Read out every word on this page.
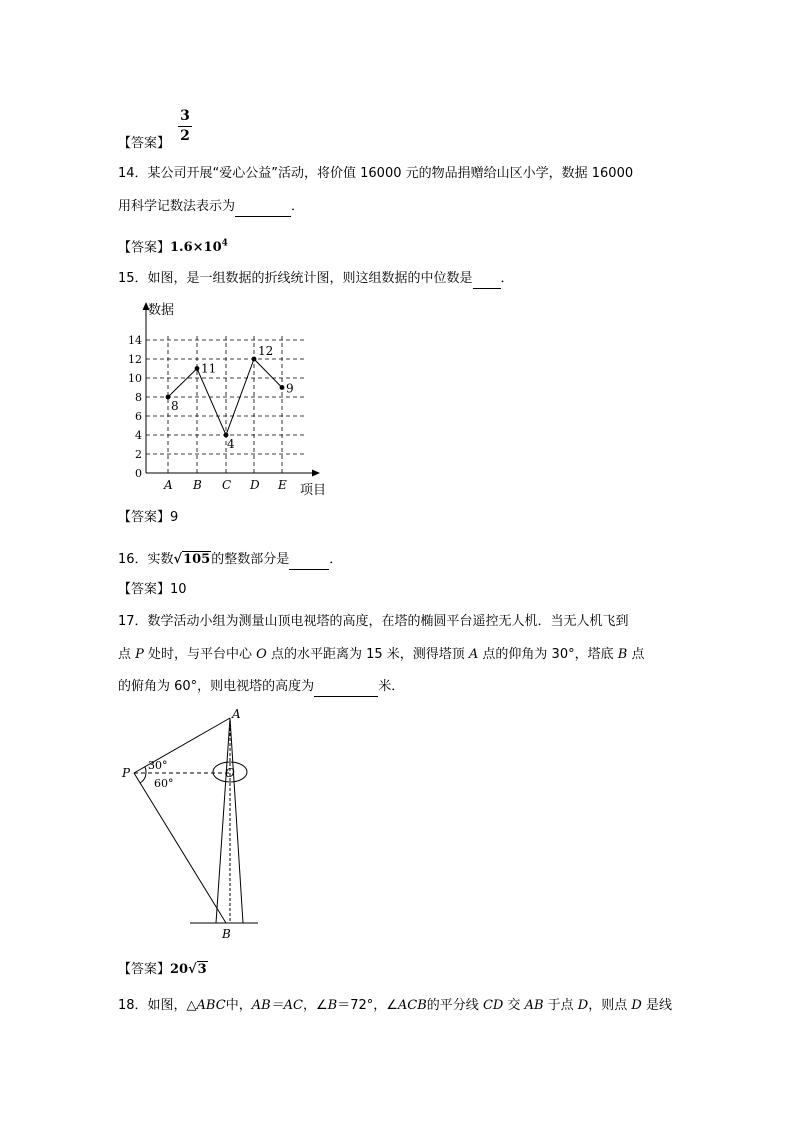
【答案】
3
2
14．某公司开展“爱心公益”活动，将价值 16000 元的物品捐赠给山区小学，数据 16000
用科学记数法表示为	．
【答案】$1.6\times 10^4$
15．如图，是一组数据的折线统计图，则这组数据的中位数是 ．
0
2
4
6
8
10
12
14
A B C D E
数据
项目
8
11
4
12
9
【答案】9
16．实数√105的整数部分是	．
【答案】10
17．数学活动小组为测量山顶电视塔的高度，在塔的椭圆平台遥控无人机．当无人机飞到
点 P 处时，与平台中心 O 点的水平距离为 15 米，测得塔顶 A 点的仰角为 30°，塔底 B 点
的俯角为 60°，则电视塔的高度为	米．
A
P	O
B
30°
60°
【答案】20√3
18．如图，△ABC中，AB＝AC，∠B＝72°，∠ACB的平分线 CD 交 AB 于点 D，则点 D 是线
